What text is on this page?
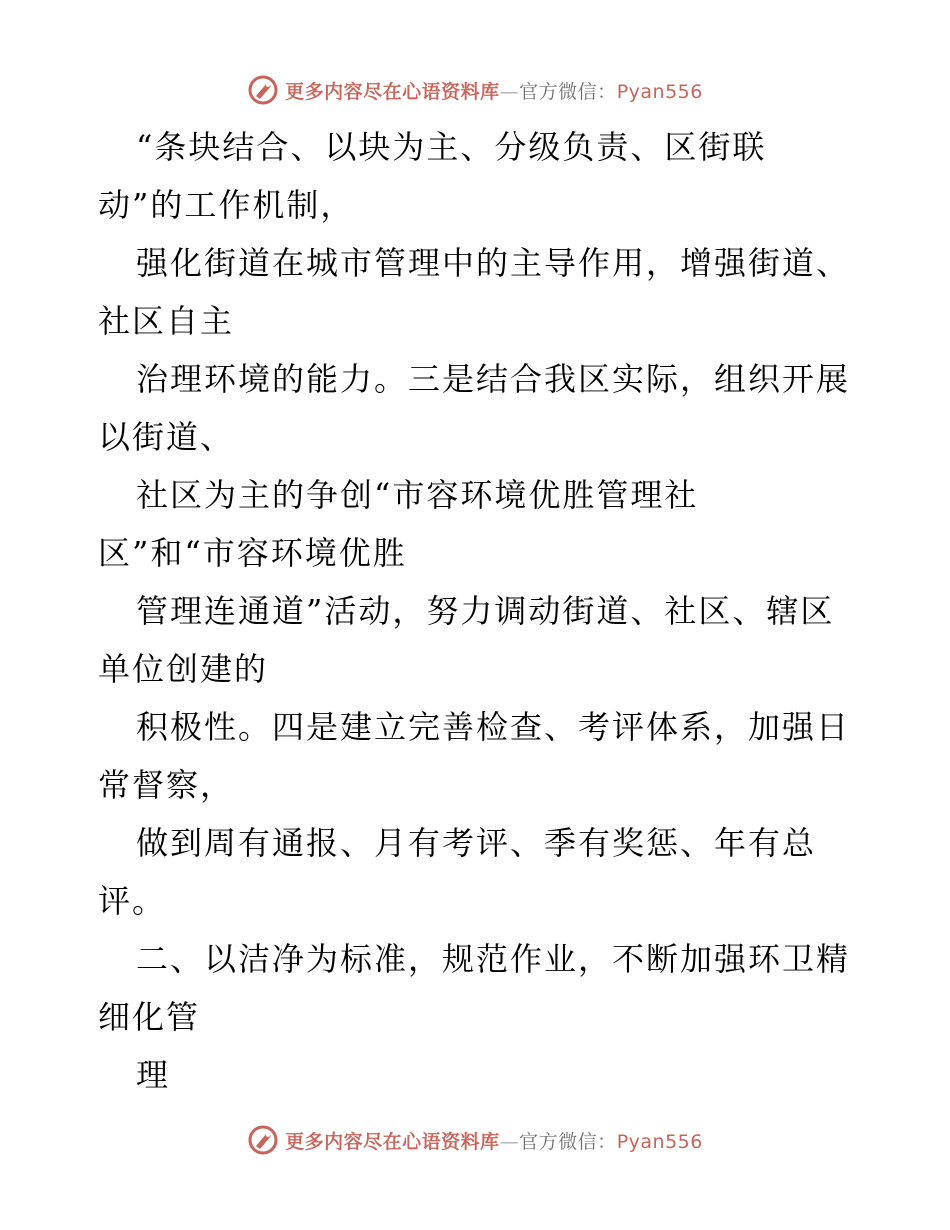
更多内容尽在心语资料库—官方微信：Pyan556
“条块结合、以块为主、分级负责、区街联
动”的工作机制，
强化街道在城市管理中的主导作用，增强街道、
社区自主
治理环境的能力。三是结合我区实际，组织开展
以街道、
社区为主的争创“市容环境优胜管理社
区”和“市容环境优胜
管理连通道”活动，努力调动街道、社区、辖区
单位创建的
积极性。四是建立完善检查、考评体系，加强日
常督察，
做到周有通报、月有考评、季有奖惩、年有总
评。
二、以洁净为标准，规范作业，不断加强环卫精
细化管
理
更多内容尽在心语资料库—官方微信：Pyan556
